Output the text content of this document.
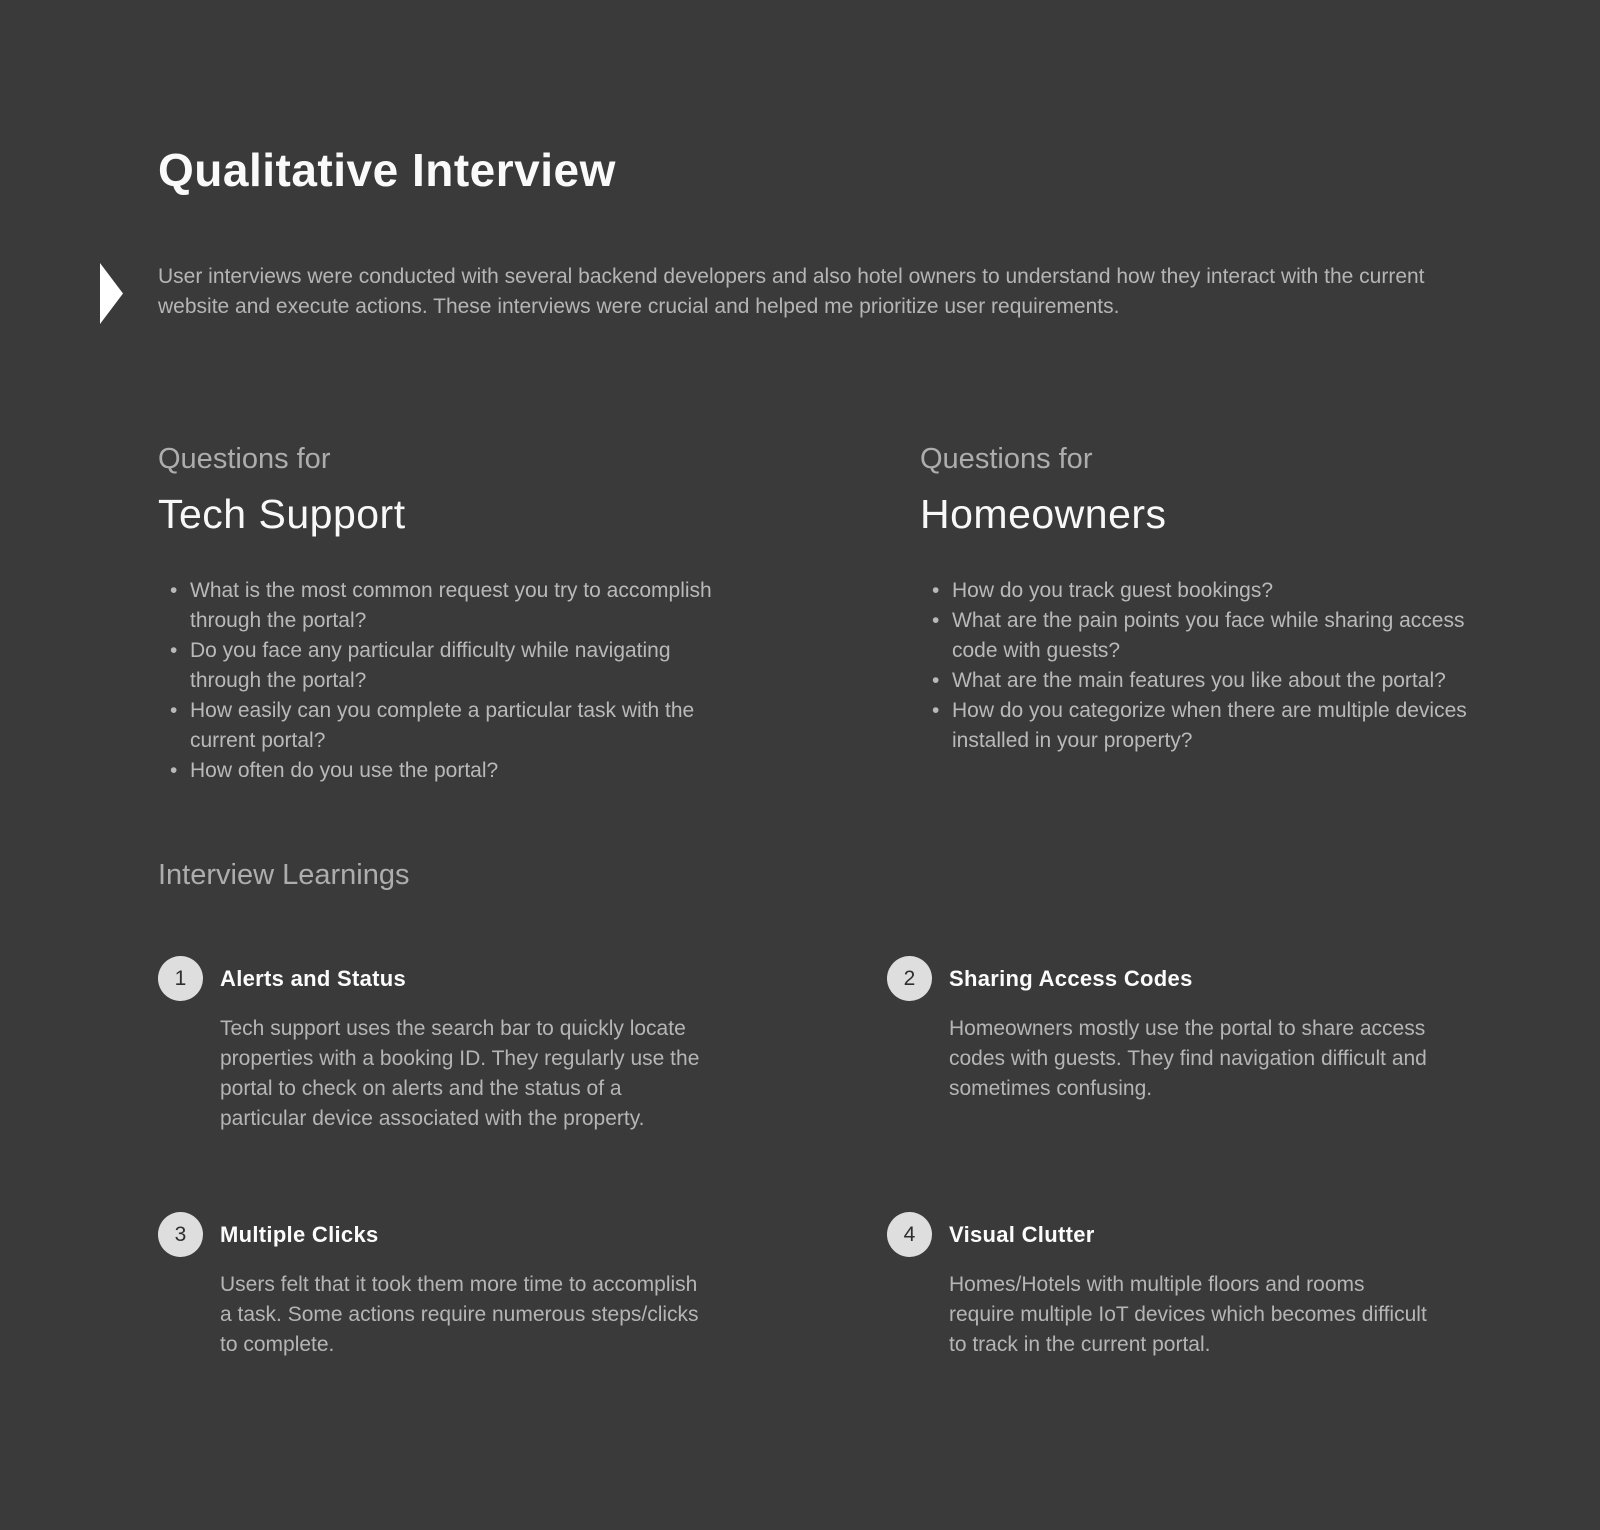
Qualitative Interview

User interviews were conducted with several backend developers and also hotel owners to understand how they interact with the current website and execute actions. These interviews were crucial and helped me prioritize user requirements.

Questions for
Tech Support
• What is the most common request you try to accomplish through the portal?
• Do you face any particular difficulty while navigating through the portal?
• How easily can you complete a particular task with the current portal?
• How often do you use the portal?
Questions for
Homeowners
• How do you track guest bookings?
• What are the pain points you face while sharing access code with guests?
• What are the main features you like about the portal?
• How do you categorize when there are multiple devices installed in your property?
Interview Learnings
1	Alerts and Status

Tech support uses the search bar to quickly locate properties with a booking ID. They regularly use the portal to check on alerts and the status of a particular device associated with the property.

2	Sharing Access Codes

Homeowners mostly use the portal to share access codes with guests. They find navigation difficult and sometimes confusing.

3	Multiple Clicks

Users felt that it took them more time to accomplish a task. Some actions require numerous steps/clicks to complete.

4	Visual Clutter

Homes/Hotels with multiple floors and rooms require multiple IoT devices which becomes difficult to track in the current portal.
